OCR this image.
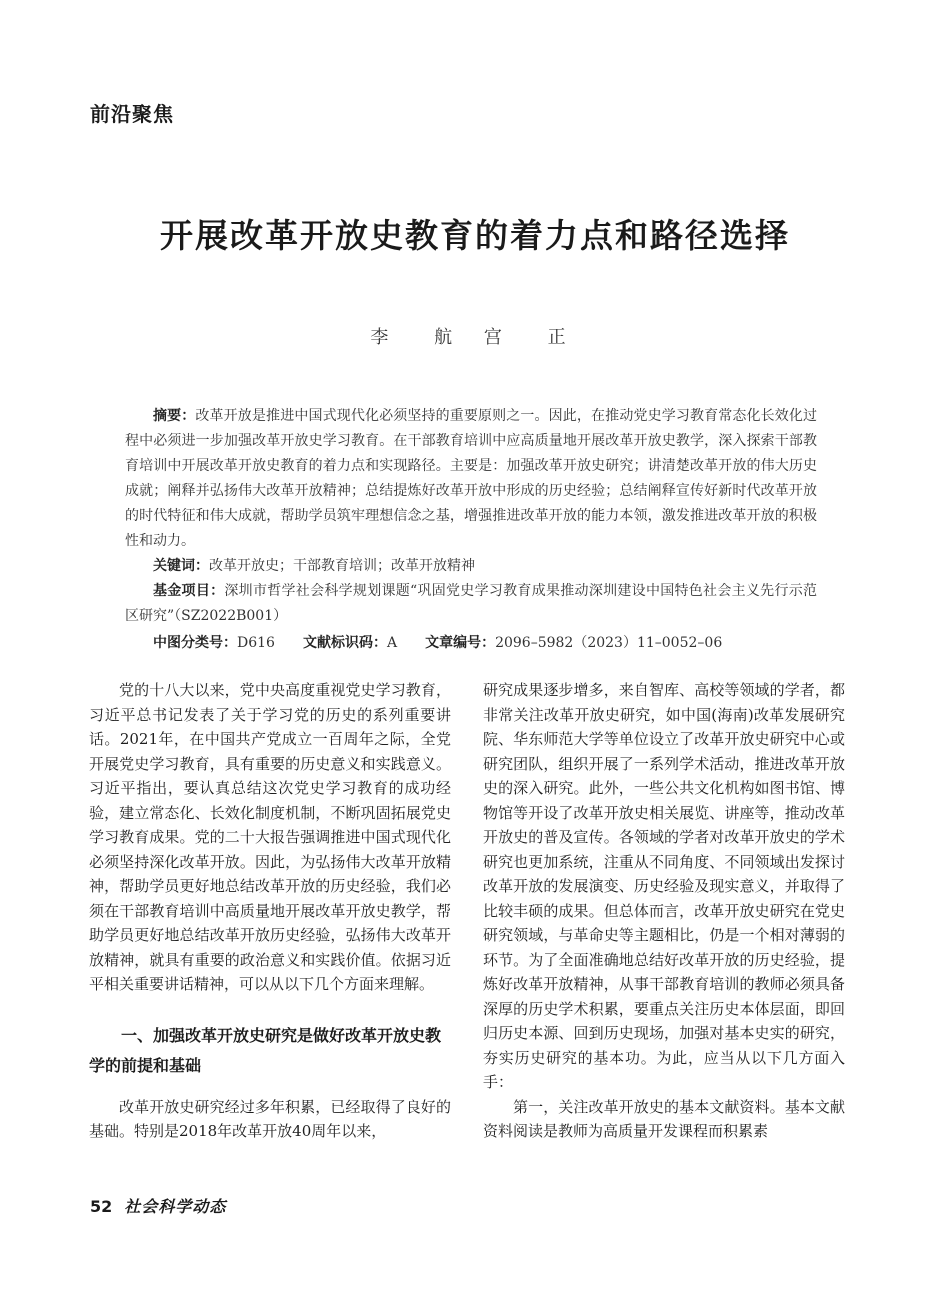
前沿聚焦
开展改革开放史教育的着力点和路径选择
李 航 宫 正

摘要：改革开放是推进中国式现代化必须坚持的重要原则之一。因此，在推动党史学习教育常态化长效化过程中必须进一步加强改革开放史学习教育。在干部教育培训中应高质量地开展改革开放史教学，深入探索干部教育培训中开展改革开放史教育的着力点和实现路径。主要是：加强改革开放史研究；讲清楚改革开放的伟大历史成就；阐释并弘扬伟大改革开放精神；总结提炼好改革开放中形成的历史经验；总结阐释宣传好新时代改革开放的时代特征和伟大成就，帮助学员筑牢理想信念之基，增强推进改革开放的能力本领，激发推进改革开放的积极性和动力。

关键词：改革开放史；干部教育培训；改革开放精神

基金项目：深圳市哲学社会科学规划课题“巩固党史学习教育成果推动深圳建设中国特色社会主义先行示范区研究”（SZ2022B001）

中图分类号：D616 文献标识码：A 文章编号：2096–5982（2023）11–0052–06

党的十八大以来，党中央高度重视党史学习教育，习近平总书记发表了关于学习党的历史的系列重要讲话。2021年，在中国共产党成立一百周年之际，全党开展党史学习教育，具有重要的历史意义和实践意义。习近平指出，要认真总结这次党史学习教育的成功经验，建立常态化、长效化制度机制，不断巩固拓展党史学习教育成果。党的二十大报告强调推进中国式现代化必须坚持深化改革开放。因此，为弘扬伟大改革开放精神，帮助学员更好地总结改革开放的历史经验，我们必须在干部教育培训中高质量地开展改革开放史教学，帮助学员更好地总结改革开放历史经验，弘扬伟大改革开放精神，就具有重要的政治意义和实践价值。依据习近平相关重要讲话精神，可以从以下几个方面来理解。

一、加强改革开放史研究是做好改革开放史教学的前提和基础

改革开放史研究经过多年积累，已经取得了良好的基础。特别是2018年改革开放40周年以来，

研究成果逐步增多，来自智库、高校等领域的学者，都非常关注改革开放史研究，如中国(海南)改革发展研究院、华东师范大学等单位设立了改革开放史研究中心或研究团队，组织开展了一系列学术活动，推进改革开放史的深入研究。此外，一些公共文化机构如图书馆、博物馆等开设了改革开放史相关展览、讲座等，推动改革开放史的普及宣传。各领域的学者对改革开放史的学术研究也更加系统，注重从不同角度、不同领域出发探讨改革开放的发展演变、历史经验及现实意义，并取得了比较丰硕的成果。但总体而言，改革开放史研究在党史研究领域，与革命史等主题相比，仍是一个相对薄弱的环节。为了全面准确地总结好改革开放的历史经验，提炼好改革开放精神，从事干部教育培训的教师必须具备深厚的历史学术积累，要重点关注历史本体层面，即回归历史本源、回到历史现场，加强对基本史实的研究，夯实历史研究的基本功。为此，应当从以下几方面入手：

第一，关注改革开放史的基本文献资料。基本文献资料阅读是教师为高质量开发课程而积累素

52 社会科学动态
